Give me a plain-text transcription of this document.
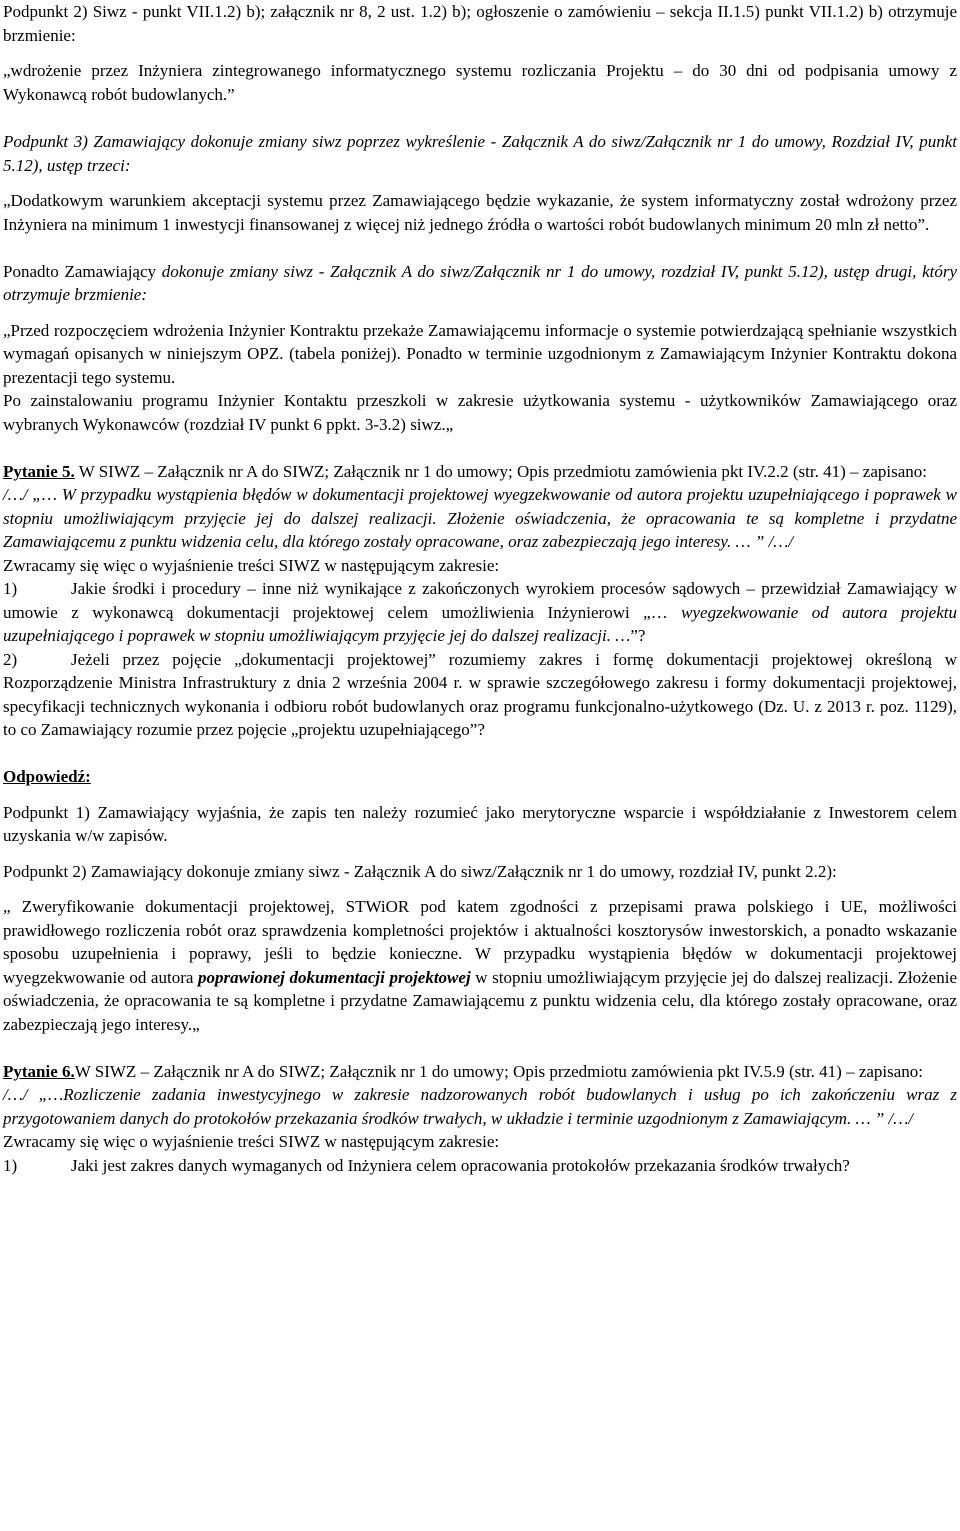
Podpunkt 2) Siwz - punkt VII.1.2) b); załącznik nr 8, 2 ust. 1.2) b); ogłoszenie o zamówieniu – sekcja II.1.5) punkt VII.1.2) b) otrzymuje brzmienie:

„wdrożenie przez Inżyniera zintegrowanego informatycznego systemu rozliczania Projektu – do 30 dni od podpisania umowy z Wykonawcą robót budowlanych.”

Podpunkt 3) Zamawiający dokonuje zmiany siwz poprzez wykreślenie - Załącznik A do siwz/Załącznik nr 1 do umowy, Rozdział IV, punkt 5.12), ustęp trzeci:

„Dodatkowym warunkiem akceptacji systemu przez Zamawiającego będzie wykazanie, że system informatyczny został wdrożony przez Inżyniera na minimum 1 inwestycji finansowanej z więcej niż jednego źródła o wartości robót budowlanych minimum 20 mln zł netto”.

Ponadto Zamawiający dokonuje zmiany siwz - Załącznik A do siwz/Załącznik nr 1 do umowy, rozdział IV, punkt 5.12), ustęp drugi, który otrzymuje brzmienie:

„Przed rozpoczęciem wdrożenia Inżynier Kontraktu przekaże Zamawiającemu informacje o systemie potwierdzającą spełnianie wszystkich wymagań opisanych w niniejszym OPZ. (tabela poniżej). Ponadto w terminie uzgodnionym z Zamawiającym Inżynier Kontraktu dokona prezentacji tego systemu.

Po zainstalowaniu programu Inżynier Kontaktu przeszkoli w zakresie użytkowania systemu - użytkowników Zamawiającego oraz wybranych Wykonawców (rozdział IV punkt 6 ppkt. 3-3.2) siwz.„

Pytanie 5. W SIWZ – Załącznik nr A do SIWZ; Załącznik nr 1 do umowy; Opis przedmiotu zamówienia pkt IV.2.2 (str. 41) – zapisano:

/…/ „… W przypadku wystąpienia błędów w dokumentacji projektowej wyegzekwowanie od autora projektu uzupełniającego i poprawek w stopniu umożliwiającym przyjęcie jej do dalszej realizacji. Złożenie oświadczenia, że opracowania te są kompletne i przydatne Zamawiającemu z punktu widzenia celu, dla którego zostały opracowane, oraz zabezpieczają jego interesy. … ” /…/

Zwracamy się więc o wyjaśnienie treści SIWZ w następującym zakresie:

1)	Jakie środki i procedury – inne niż wynikające z zakończonych wyrokiem procesów sądowych – przewidział Zamawiający w umowie z wykonawcą dokumentacji projektowej celem umożliwienia Inżynierowi „… wyegzekwowanie od autora projektu uzupełniającego i poprawek w stopniu umożliwiającym przyjęcie jej do dalszej realizacji. …”?

2)	Jeżeli przez pojęcie „dokumentacji projektowej” rozumiemy zakres i formę dokumentacji projektowej określoną w Rozporządzenie Ministra Infrastruktury z dnia 2 września 2004 r. w sprawie szczegółowego zakresu i formy dokumentacji projektowej, specyfikacji technicznych wykonania i odbioru robót budowlanych oraz programu funkcjonalno-użytkowego (Dz. U. z 2013 r. poz. 1129), to co Zamawiający rozumie przez pojęcie „projektu uzupełniającego”?

Odpowiedź:

Podpunkt 1) Zamawiający wyjaśnia, że zapis ten należy rozumieć jako merytoryczne wsparcie i współdziałanie z Inwestorem celem uzyskania w/w zapisów.

Podpunkt 2) Zamawiający dokonuje zmiany siwz - Załącznik A do siwz/Załącznik nr 1 do umowy, rozdział IV, punkt 2.2):

„ Zweryfikowanie dokumentacji projektowej, STWiOR pod katem zgodności z przepisami prawa polskiego i UE, możliwości prawidłowego rozliczenia robót oraz sprawdzenia kompletności projektów i aktualności kosztorysów inwestorskich, a ponadto wskazanie sposobu uzupełnienia i poprawy, jeśli to będzie konieczne. W przypadku wystąpienia błędów w dokumentacji projektowej wyegzekwowanie od autora poprawionej dokumentacji projektowej w stopniu umożliwiającym przyjęcie jej do dalszej realizacji. Złożenie oświadczenia, że opracowania te są kompletne i przydatne Zamawiającemu z punktu widzenia celu, dla którego zostały opracowane, oraz zabezpieczają jego interesy.„

Pytanie 6.W SIWZ – Załącznik nr A do SIWZ; Załącznik nr 1 do umowy; Opis przedmiotu zamówienia pkt IV.5.9 (str. 41) – zapisano:

/…/ „…Rozliczenie zadania inwestycyjnego w zakresie nadzorowanych robót budowlanych i usług po ich zakończeniu wraz z przygotowaniem danych do protokołów przekazania środków trwałych, w układzie i terminie uzgodnionym z Zamawiającym. … ” /…/

Zwracamy się więc o wyjaśnienie treści SIWZ w następującym zakresie:

1)	Jaki jest zakres danych wymaganych od Inżyniera celem opracowania protokołów przekazania środków trwałych?
